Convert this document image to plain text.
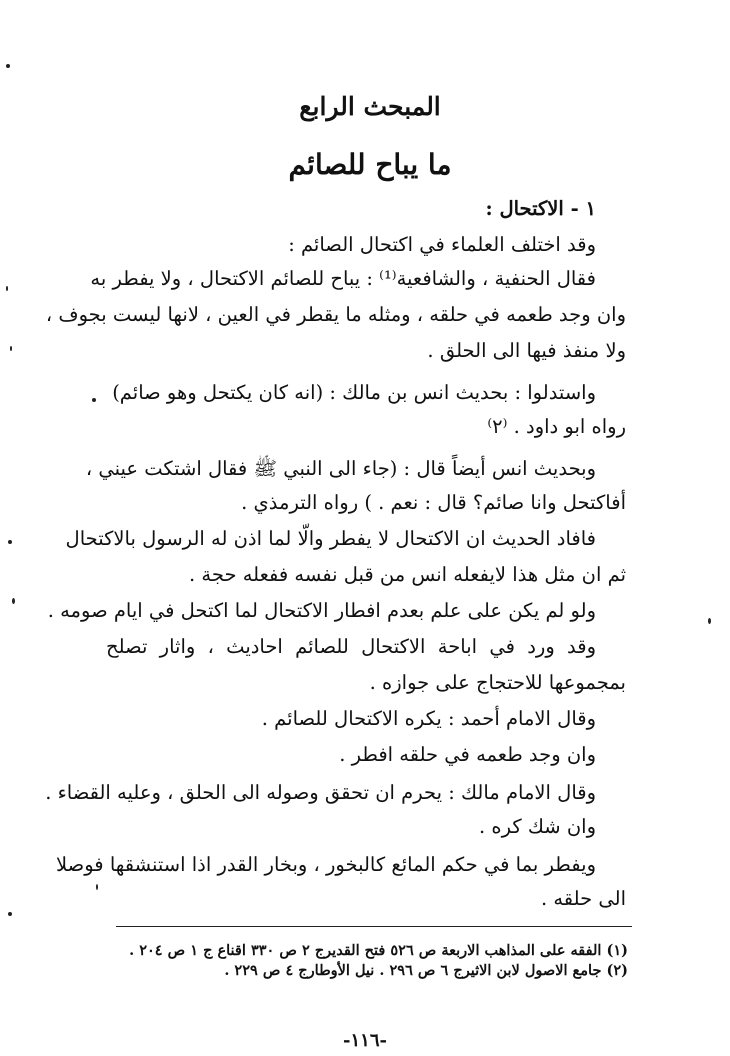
المبحث الرابع
ما يباح للصائم
١ - الاكتحال :
وقد اختلف العلماء في اكتحال الصائم :
فقال الحنفية ، والشافعية⁽¹⁾ : يباح للصائم الاكتحال ، ولا يفطر به
وان وجد طعمه في حلقه ، ومثله ما يقطر في العين ، لانها ليست بجوف ،
ولا منفذ فيها الى الحلق .
واستدلوا : بحديث انس بن مالك : (انه كان يكتحل وهو صائم)
رواه ابو داود . ⁽٢⁾
وبحديث انس أيضاً قال : (جاء الى النبي ﷺ فقال اشتكت عيني ،
أفاكتحل وانا صائم؟ قال : نعم . ) رواه الترمذي .
فافاد الحديث ان الاكتحال لا يفطر والّا لما اذن له الرسول بالاكتحال
ثم ان مثل هذا لايفعله انس من قبل نفسه ففعله حجة .
ولو لم يكن على علم بعدم افطار الاكتحال لما اكتحل في ايام صومه .
وقد ورد في اباحة الاكتحال للصائم احاديث ، واثار تصلح
بمجموعها للاحتجاج على جوازه .
وقال الامام أحمد : يكره الاكتحال للصائم .
وان وجد طعمه في حلقه افطر .
وقال الامام مالك : يحرم ان تحقق وصوله الى الحلق ، وعليه القضاء .
وان شك كره .
ويفطر بما في حكم المائع كالبخور ، وبخار القدر اذا استنشقها فوصلا
الى حلقه .
(١) الفقه على المذاهب الاربعة ص ٥٢٦ فتح القديرج ٢ ص ٣٣٠ اقناع ج ١ ص ٢٠٤ .
(٢) جامع الاصول لابن الاثيرج ٦ ص ٢٩٦ . نيل الأوطارج ٤ ص ٢٢٩ .
-١١٦-
